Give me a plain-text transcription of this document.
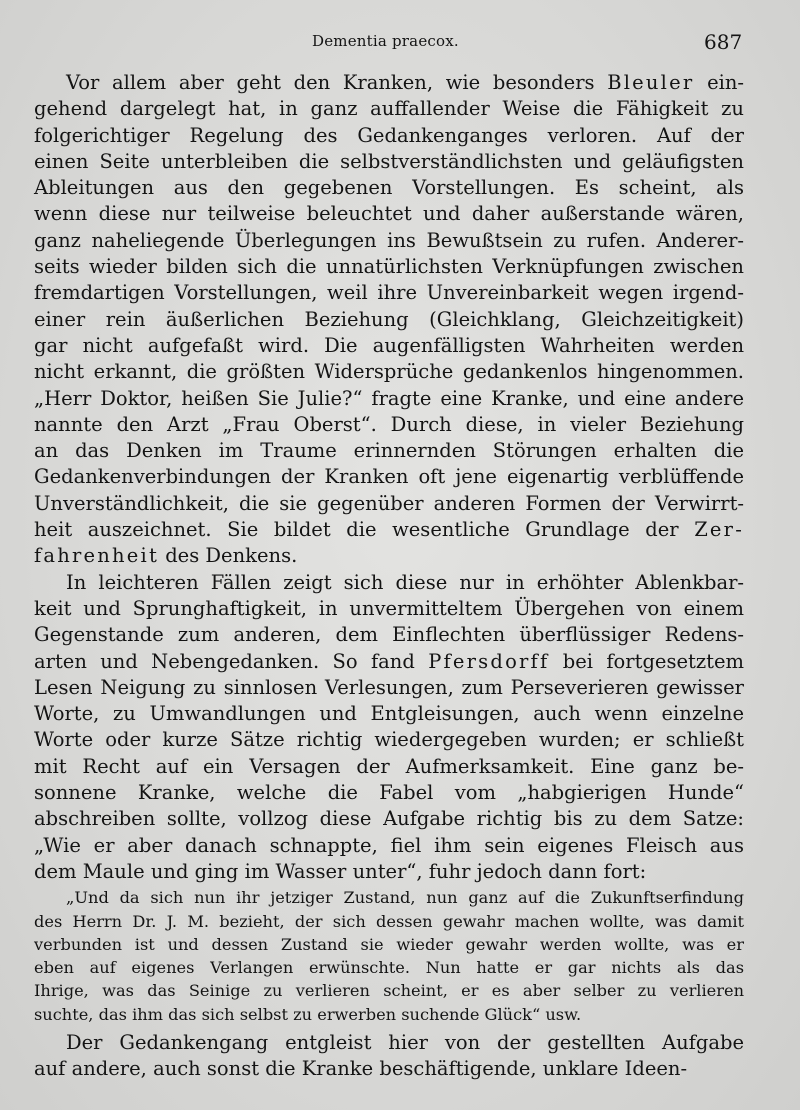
Dementia praecox.	687
Vor allem aber geht den Kranken, wie besonders Bleuler ein-
gehend dargelegt hat, in ganz auffallender Weise die Fähigkeit zu
folgerichtiger Regelung des Gedankenganges verloren. Auf der
einen Seite unterbleiben die selbstverständlichsten und geläufigsten
Ableitungen aus den gegebenen Vorstellungen. Es scheint, als
wenn diese nur teilweise beleuchtet und daher außerstande wären,
ganz naheliegende Überlegungen ins Bewußtsein zu rufen. Anderer-
seits wieder bilden sich die unnatürlichsten Verknüpfungen zwischen
fremdartigen Vorstellungen, weil ihre Unvereinbarkeit wegen irgend-
einer rein äußerlichen Beziehung (Gleichklang, Gleichzeitigkeit)
gar nicht aufgefaßt wird. Die augenfälligsten Wahrheiten werden
nicht erkannt, die größten Widersprüche gedankenlos hingenommen.
„Herr Doktor, heißen Sie Julie?“ fragte eine Kranke, und eine andere
nannte den Arzt „Frau Oberst“. Durch diese, in vieler Beziehung
an das Denken im Traume erinnernden Störungen erhalten die
Gedankenverbindungen der Kranken oft jene eigenartig verblüffende
Unverständlichkeit, die sie gegenüber anderen Formen der Verwirrt-
heit auszeichnet. Sie bildet die wesentliche Grundlage der Zer-
fahrenheit des Denkens.
In leichteren Fällen zeigt sich diese nur in erhöhter Ablenkbar-
keit und Sprunghaftigkeit, in unvermitteltem Übergehen von einem
Gegenstande zum anderen, dem Einflechten überflüssiger Redens-
arten und Nebengedanken. So fand Pfersdorff bei fortgesetztem
Lesen Neigung zu sinnlosen Verlesungen, zum Perseverieren gewisser
Worte, zu Umwandlungen und Entgleisungen, auch wenn einzelne
Worte oder kurze Sätze richtig wiedergegeben wurden; er schließt
mit Recht auf ein Versagen der Aufmerksamkeit. Eine ganz be-
sonnene Kranke, welche die Fabel vom „habgierigen Hunde“
abschreiben sollte, vollzog diese Aufgabe richtig bis zu dem Satze:
„Wie er aber danach schnappte, fiel ihm sein eigenes Fleisch aus
dem Maule und ging im Wasser unter“, fuhr jedoch dann fort:
„Und da sich nun ihr jetziger Zustand, nun ganz auf die Zukunftserfindung
des Herrn Dr. J. M. bezieht, der sich dessen gewahr machen wollte, was damit
verbunden ist und dessen Zustand sie wieder gewahr werden wollte, was er
eben auf eigenes Verlangen erwünschte. Nun hatte er gar nichts als das
Ihrige, was das Seinige zu verlieren scheint, er es aber selber zu verlieren
suchte, das ihm das sich selbst zu erwerben suchende Glück“ usw.
Der Gedankengang entgleist hier von der gestellten Aufgabe
auf andere, auch sonst die Kranke beschäftigende, unklare Ideen-
